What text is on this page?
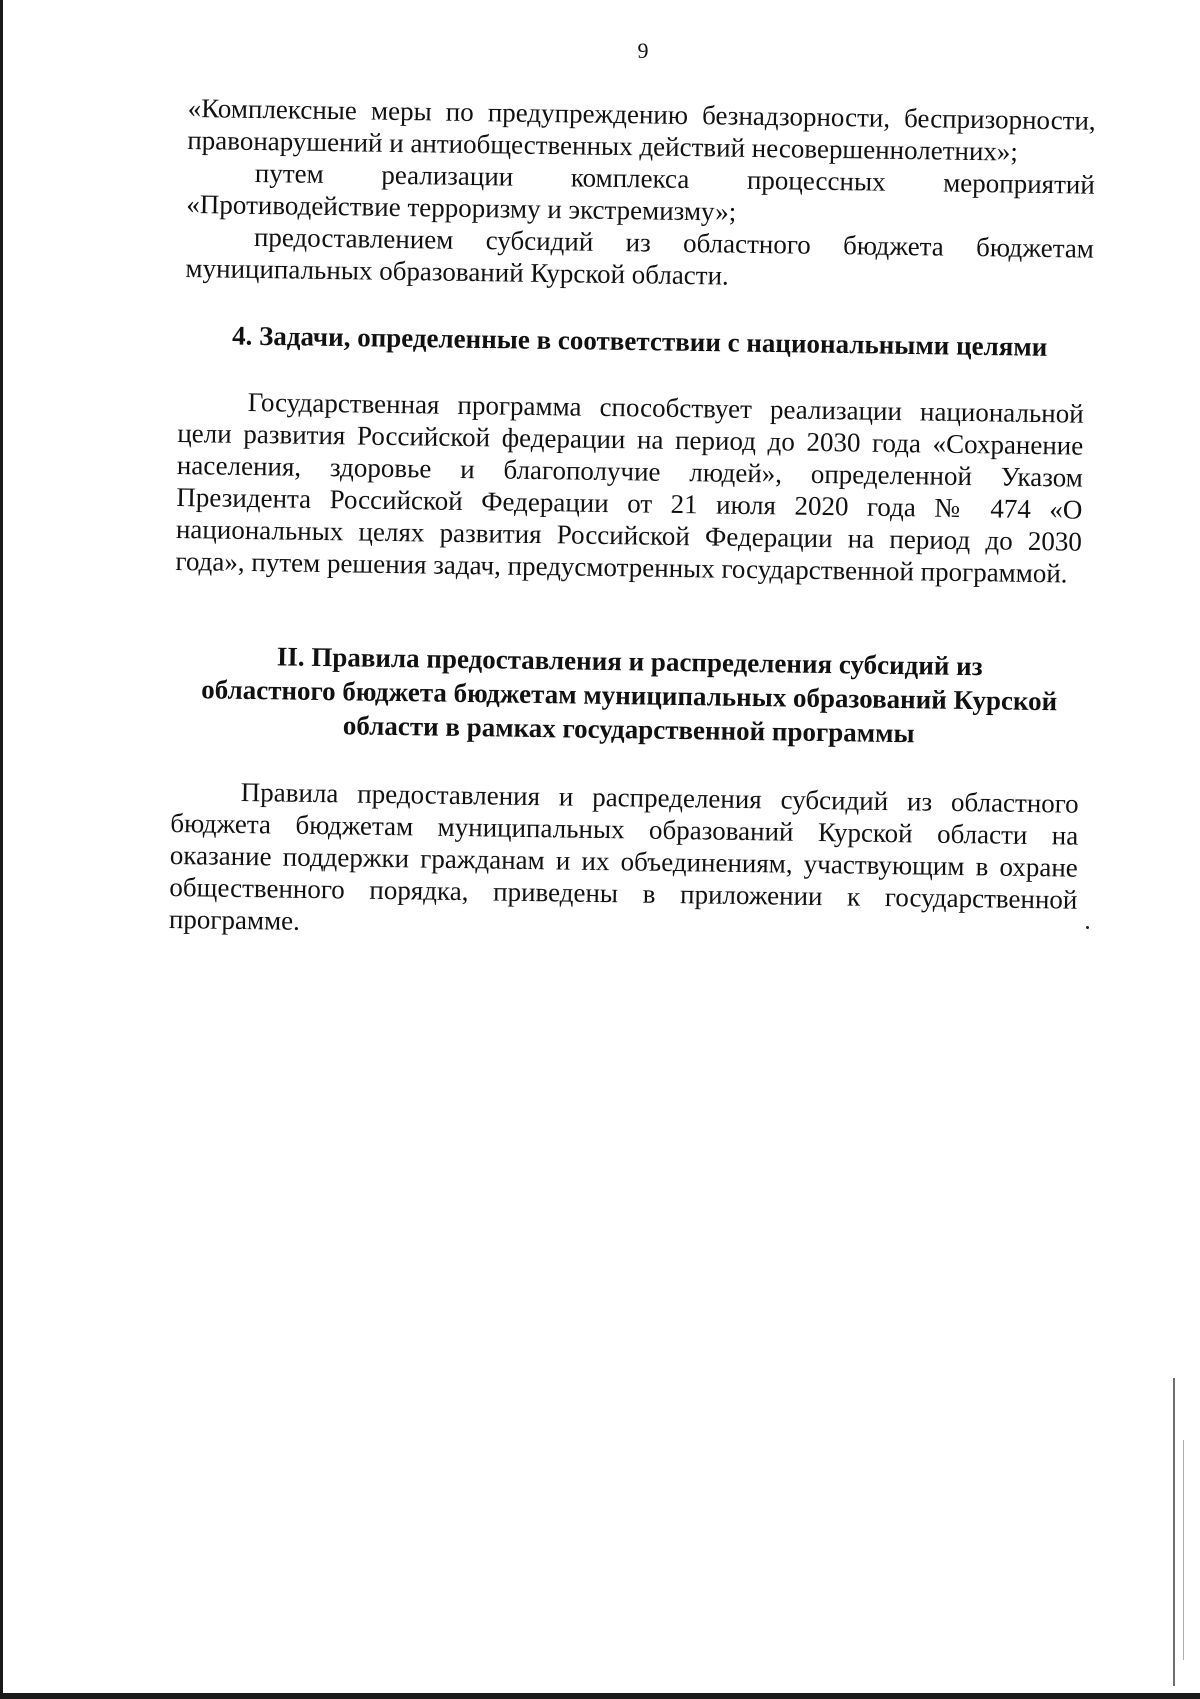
9

«Комплексные меры по предупреждению безнадзорности, беспризорности,

правонарушений и антиобщественных действий несовершеннолетних»;

путем реализации комплекса процессных мероприятий

«Противодействие терроризму и экстремизму»;

предоставлением субсидий из областного бюджета бюджетам

муниципальных образований Курской области.

4. Задачи, определенные в соответствии с национальными целями

Государственная программа способствует реализации национальной цели развития Российской федерации на период до 2030 года «Сохранение населения, здоровье и благополучие людей», определенной Указом Президента Российской Федерации от 21 июля 2020 года № 474 «О национальных целях развития Российской Федерации на период до 2030 года», путем решения задач, предусмотренных государственной программой.

II. Правила предоставления и распределения субсидий из
областного бюджета бюджетам муниципальных образований Курской
области в рамках государственной программы

Правила предоставления и распределения субсидий из областного бюджета бюджетам муниципальных образований Курской области на оказание поддержки гражданам и их объединениям, участвующим в охране общественного порядка, приведены в приложении к государственной программе.
